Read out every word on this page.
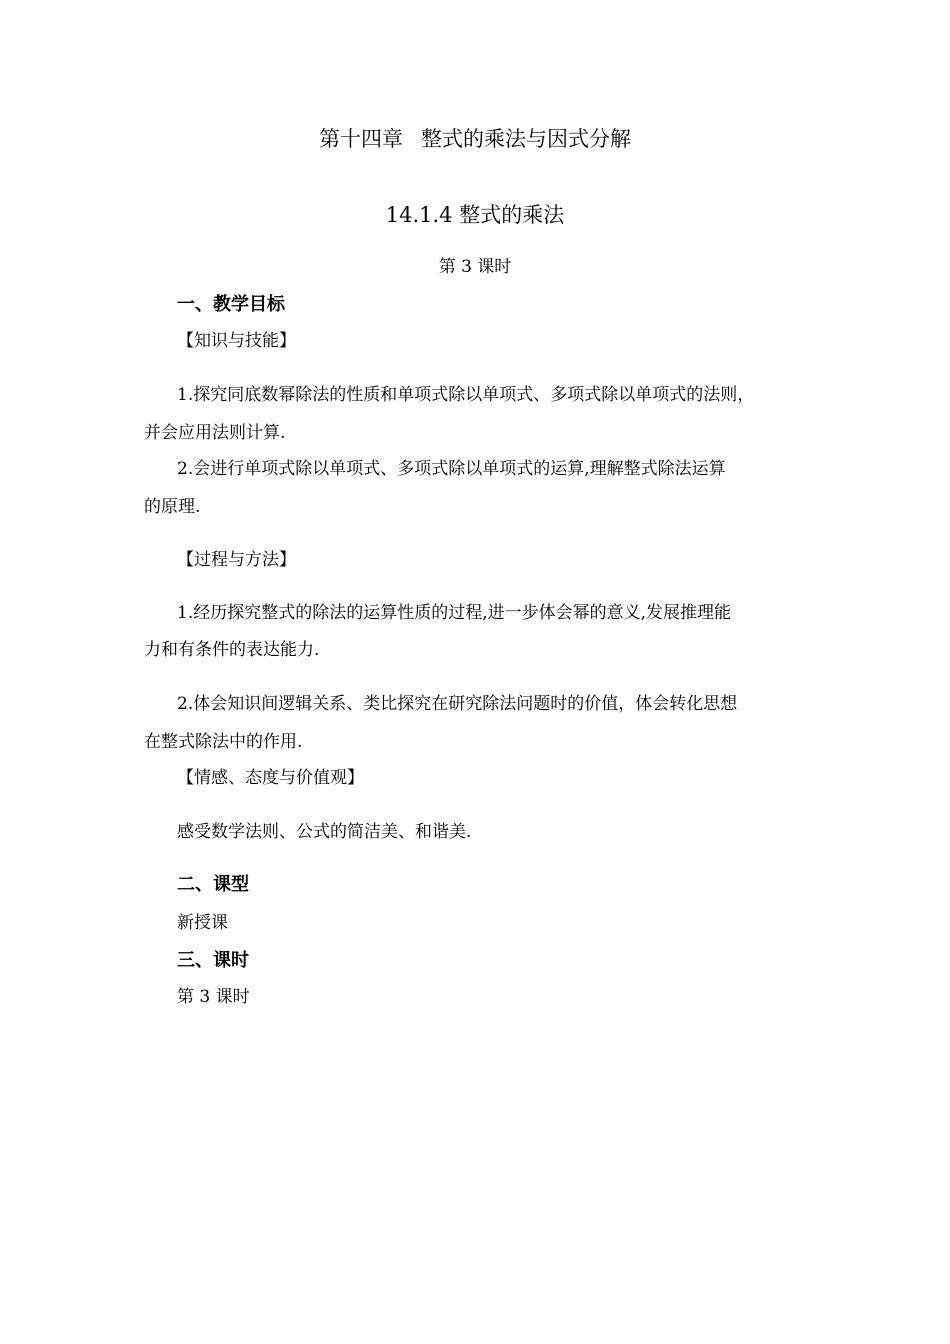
第十四章 整式的乘法与因式分解
14.1.4 整式的乘法
第 3 课时
一、教学目标
【知识与技能】
1.探究同底数幂除法的性质和单项式除以单项式、多项式除以单项式的法则，
并会应用法则计算.
2.会进行单项式除以单项式、多项式除以单项式的运算,理解整式除法运算
的原理.
【过程与方法】
1.经历探究整式的除法的运算性质的过程,进一步体会幂的意义,发展推理能
力和有条件的表达能力.
2.体会知识间逻辑关系、类比探究在研究除法问题时的价值，体会转化思想
在整式除法中的作用.
【情感、态度与价值观】
感受数学法则、公式的简洁美、和谐美.
二、课型
新授课
三、课时
第 3 课时
